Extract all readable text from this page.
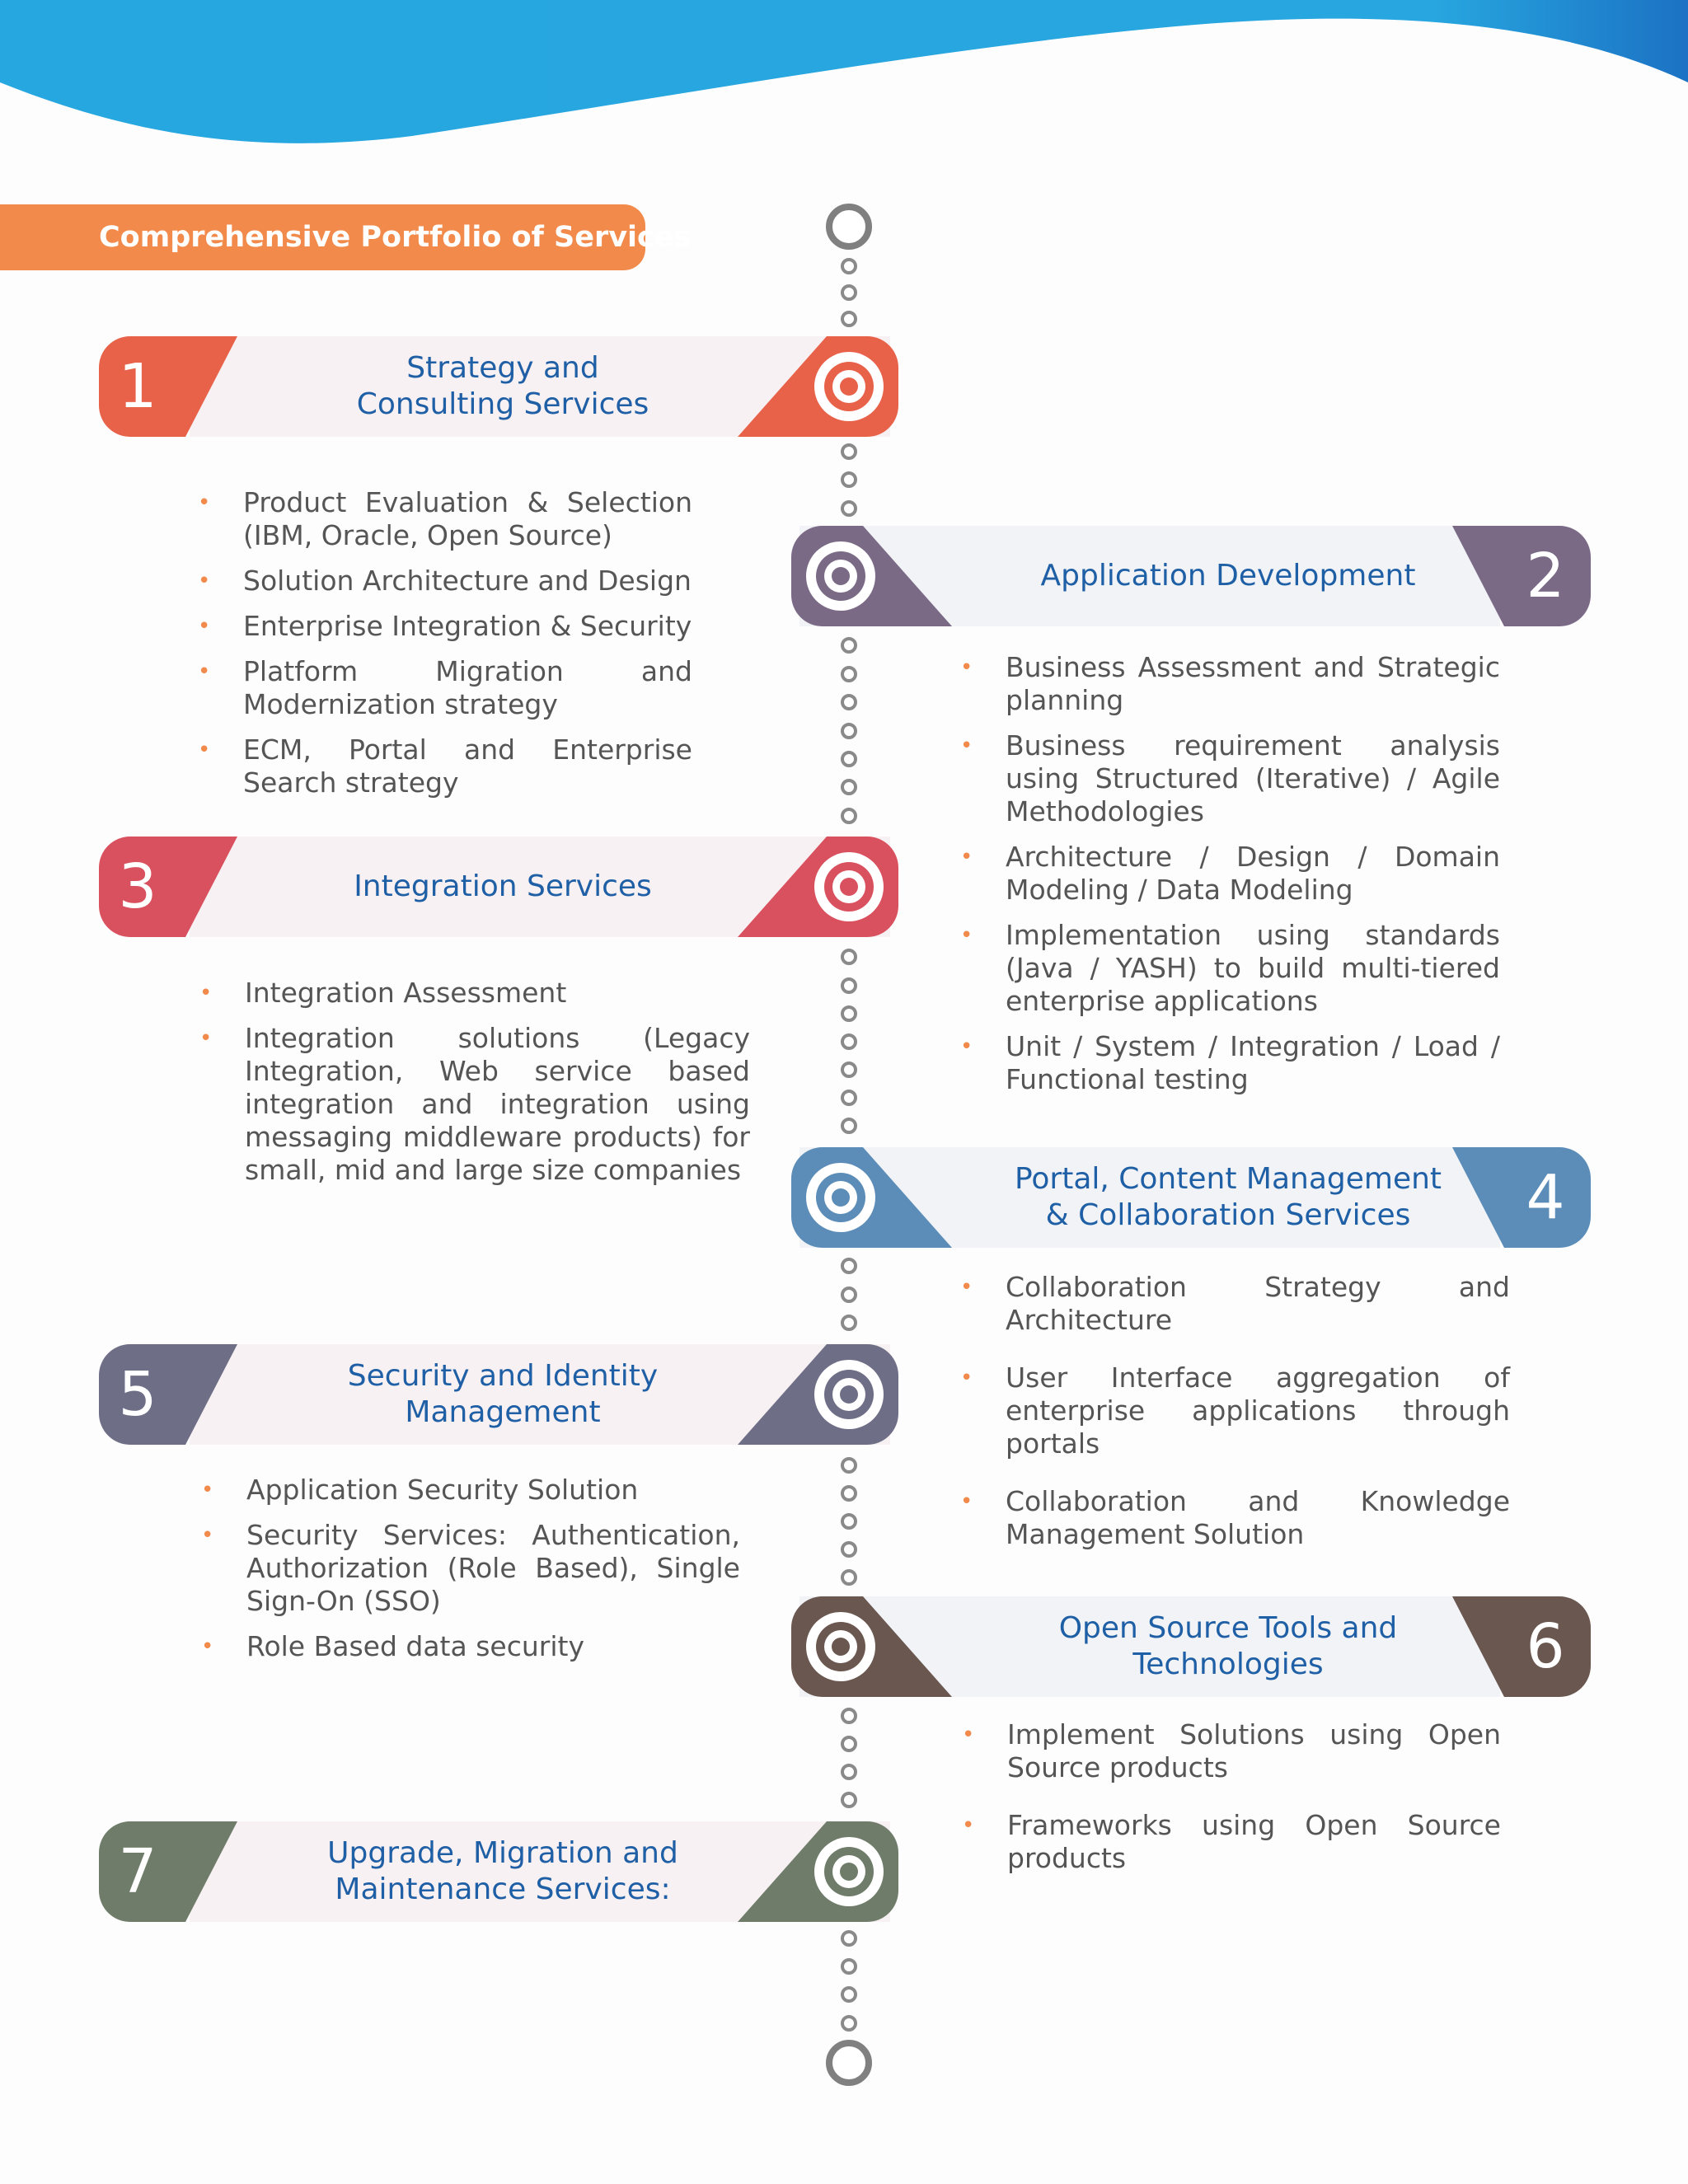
Comprehensive Portfolio of Services
1	Strategy and
Consulting Services
• Product Evaluation & Selection (IBM, Oracle, Open Source)
• Solution Architecture and Design
• Enterprise Integration & Security
• Platform Migration and Modernization strategy
• ECM, Portal and Enterprise Search strategy
2
Application Development
• Business Assessment and Strategic planning
• Business requirement analysis using Structured (Iterative) / Agile Methodologies
• Architecture / Design / Domain Modeling / Data Modeling
• Implementation using standards (Java / YASH) to build multi-tiered enterprise applications
• Unit / System / Integration / Load / Functional testing
3	Integration Services
• Integration Assessment
• Integration solutions (Legacy Integration, Web service based integration and integration using messaging middleware products) for small, mid and large size companies	4
Portal, Content Management
& Collaboration Services
• Collaboration Strategy and Architecture
• User Interface aggregation of enterprise applications through portals
• Collaboration and Knowledge Management Solution
5	Security and Identity
Management
• Application Security Solution
• Security Services: Authentication, Authorization (Role Based), Single Sign-On (SSO)
• Role Based data security	6
Open Source Tools and
Technologies
• Implement Solutions using Open Source products
• Frameworks using Open Source products
7	Upgrade, Migration and
Maintenance Services:
